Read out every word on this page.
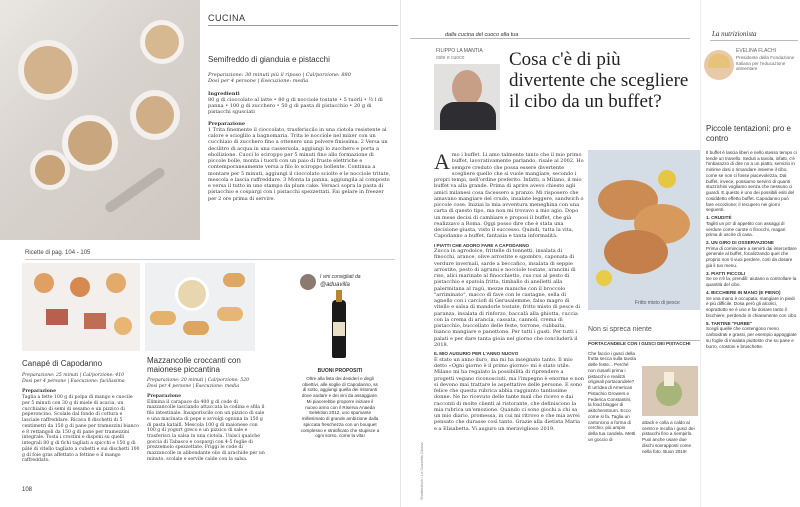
CUCINA
Semifreddo di gianduia e pistacchi
Preparazione: 30 minuti più il riposo | Cal/porzione: 880
Dosi per 4 persone | Esecuzione: media
Ingredienti

80 g di cioccolato al latte • 80 g di nocciole tostate • 5 tuorli • ½ l di panna • 100 g di zucchero • 50 g di pasta di pistacchio • 20 g di pistacchi sgusciati

Preparazione

1 Trita finemente il cioccolato, trasferiscilo in una ciotola resistente al calore e scioglilo a bagnomaria. Trita le nocciole nel mixer con un cucchiaio di zucchero fino a ottenere una polvere finissima. 2 Versa un decilitro di acqua in una casseruola, aggiungi lo zucchero e porta a ebollizione. Cuoci lo sciroppo per 5 minuti fino allo formazione di piccole bolle, monta i tuorli con un paio di fruste elettriche e contemporaneamente versa a filo lo sciroppo bollente. Continua a montare per 5 minuti, aggiungi il cioccolato sciolto e le nocciole tritate, mescola e lascia raffreddare. 3 Monta la panna, aggiungila al composto e versa il tutto in uno stampo da plum cake. Versaci sopra la pasta di pistacchio e cospargi con i pistacchi spezzettati. Fai gelare in freezer per 2 ore prima di servire.

Ricette di pag. 104 - 105
Canapé di Capodanno
Preparazione: 25 minuti | Cal/porzione: 410
Dosi per 4 persone | Esecuzione: facilissima
Preparazione

Taglia a fette 100 g di polpa di mango e cuocile per 5 minuti con 30 g di miele di acacia, un cucchiaino di semi di sesamo e un pizzico di peperoncino. Scolale dal fondo di cottura e lasciale raffreddare. Ricava 8 dischetti di 5 centimetri da 150 g di pane per tramezzini bianco e 8 rettangoli da 150 g di pane per tramezzini integrale. Tosta i crostini e disponi su quelli integrali 80 g di fichi tagliati a spicchi e 150 g di pâté di vitello tagliato a cubetti e sui dischetti 100 g di foie gras affettato a fettine e il mango raffreddato.

Mazzancolle croccanti con maionese piccantina
Preparazione: 20 minuti | Cal/porzione: 520
Dosi per 4 persone | Esecuzione: media
Preparazione

Elimina il carapace da 400 g di code di mazzancolle lasciando attaccata la codina e sfila il filo intestinale. Insaporiscile con un pizzico di sale e una macinata di pepe e avvolgi ognuna in 150 g di pasta kataifi. Mescola 100 g di maionese con 100 g di yogurt greco e un pizzico di sale e trasferisci la salsa in una ciotola. Unisci qualche goccia di Tabasco e cospargi con 4-5 foglie di prezzemolo spezzettate. Friggi le code di mazzancolle in abbondante olio di arachide per un minuto, scolale e servile calde con la salsa.

108
I vini consigliati da
@aduavilla
BUONI PROPOSITI

Oltre alla lista dei desideri e degli obiettivi, alle soglie di Capodanno, ss di sotto, aggiungi quella dei ristoranti dove andare e dei vini da assaggiare. Mi piacerebbe proporre iniziare il nuovo anno con il Riserva Anaeda Selektion 2012, uno spumante millesimato di grande ambizione dalla spiccata freschezza con un bouquet complesso e stratificato che stupisce a ogni sorso, come la vita!

dalla cucina del cuoco alla tua
FILIPPO LA MANTIA
oste e cuoco Cosa c'è di più divertente che scegliere il cibo da un buffet?

Amo i buffet. Li amo talmente tanto che il mio primo buffet, lavorativamente parlando, risale al 2002. Ho sempre creduto che possa essere divertente scegliere quello che si vuole mangiare, secondo i propri tempi, nell'ordine preferito. Infatti, a Milano, il mio buffet va alla grande. Prima di aprire avevo chiesto agli amici milanesi cosa facessero a pranzo. Mi risposero che amavano mangiare del crudo, insalate leggere, sandwich o piccole cose. Iniziai la mia avventura meneghina con una carta di questo tipo, ma non mi trovavo a mio agio. Dopo un mese decisi di cambiare e proposi il buffet, che già realizzavo a Roma. Oggi posso dire che è stata una decisione giusta, visto il successo. Quindi, tutta la vita, Capodanno a buffet, fantasia e tanta informalità.

I PIATTI CHE ADORO FARE A CAPODANNO

Zucca in agrodolce, frittelle di tonnetti, insalata di finocchi, arance, olive arrostite e sgombro, caponata di verdure invernali, sarde a beccafico, insalata di seppie arrostite, pesto di agrumi e nocciole tostate, arancini di riso, alici marinate al finocchietto, cus cus al pesto di pistacchio e spatola fritta, timballo di anelletti alla palermitana al ragù, mezze maniche con il broccolo "arriminato", macco di fave con le castagne, sella di agnello con i carciofi di Gerusalemme, falso magro di vitello e salsa di mandorle tostate, fritto misto di pesce di paranza, insalata di rinforzo, baccalà alla ghiotta, cuccia con la crema di arancia, cassata, cannoli, crema di pistacchio, buccellato delle feste, torrone, cubbaita, bianco mangiare e panettone. Per tutti i gusti. Per tutti i palati e per dare tanta gioia nel giorno che concluderà il 2018.

IL MIO AUGURIO PER L'ANNO NUOVO

È stato un anno duro, ma mi ha insegnato tanto. Il mio detto «Ogni giorno è il primo giorno» mi è stato utile. Milano mi ha regalato la possibilità di riprendere a progetti vegano riconosciuti, ma l'impegno è enorme e non si devono mai trattare le aspettative delle persone. E sono felice che questa rubrica abbia raggiunto tantissime donne. Ne ho ricevuto delle tante mail che ricevo e dai racconti di molte clienti al ristorante, che definiscono la mia rubrica un'emozione. Quando ci sono giochi a chi sa un mio diario, promessa, in cui mi ritrovo e che mia avrei pensato che durasse così tanto. Grazie alla dietista Maria e a Elisabetta. Vi auguro un meraviglioso 2019.

Shutterstock / La Gazzetta Olassa
Fritto misto di pesce
Non si spreca niente
PORTACANDELE CON I GUSCI DEI PISTACCHI

Che faccio i gusci della frutta secca sulla tavola delle feste... Perché non riusarli prima i pistacchi e realizzi originali portacandele? È un'idea di American Pistachio Growers e Federica Constantini, la food blogger di akitchenstourn. Ecco come si fa. Taglia un cartoncino a forma di cerchio, più ampio della tua candela. Metti un goccio di

attack e colla a caldo al centro e incolla i gusci dei pistacchi fino a riempirlo. Puoi anche usare due dischi sovrapposti come nella foto. Buon 2019!

La nutrizionista
EVELINA FLACHI
Presidente della Fondazione Italiana per l'educazione alimentare
Piccole tentazioni: pro e contro

Il buffet è lascia liberi e nello stesso tempo ci tende un tranello. Seduti a tavola, infatti, c'è l'imbarazzo di dire no a un piatto, servizio in minime dosi o rimandare insieme il cibo, come se non ci fosse piacevolezza. Dal buffet, invece, possiamo servirci di quanti stuzzichini vogliamo senza che nessuno ci guardi. E questo è uno dei possibili esiti del cosiddetto effetto buffet. Capodanno può fare eccezione; il recupero nei giorni seguenti.

1. CRUDITÉ

Tagliti un po' di appetito con assaggi di verdure come carote o finocchi, magari prima di uscire di casa.

2. UN GIRO DI OSSERVAZIONE

Prima di cominciare a servirti dai intercettare generale al buffet, focalizzando quel che proprio non ti vuoi perdere, così da dosare già il tuo menu.

3. PIATTI PICCOLI

Se ce n'è la, prendili: aiutano a controllare la quantità del cibo.

4. BICCHIERE IN MANO (E PIENO)

Se una mano è occupata, mangiare in piedi è più difficile. Dosa però gli alcolici, soprattutto se è uno e fai dosare tanto il bicchiere, perdendo in chiaramente con cibo.

5. TARTINE "FURBE"

Scegli quelle che contengono meno carboidrati e grassi, per esempio appoggiate su foglie di insalata piuttosto che su pane e burro, crostoni e bruschette.
